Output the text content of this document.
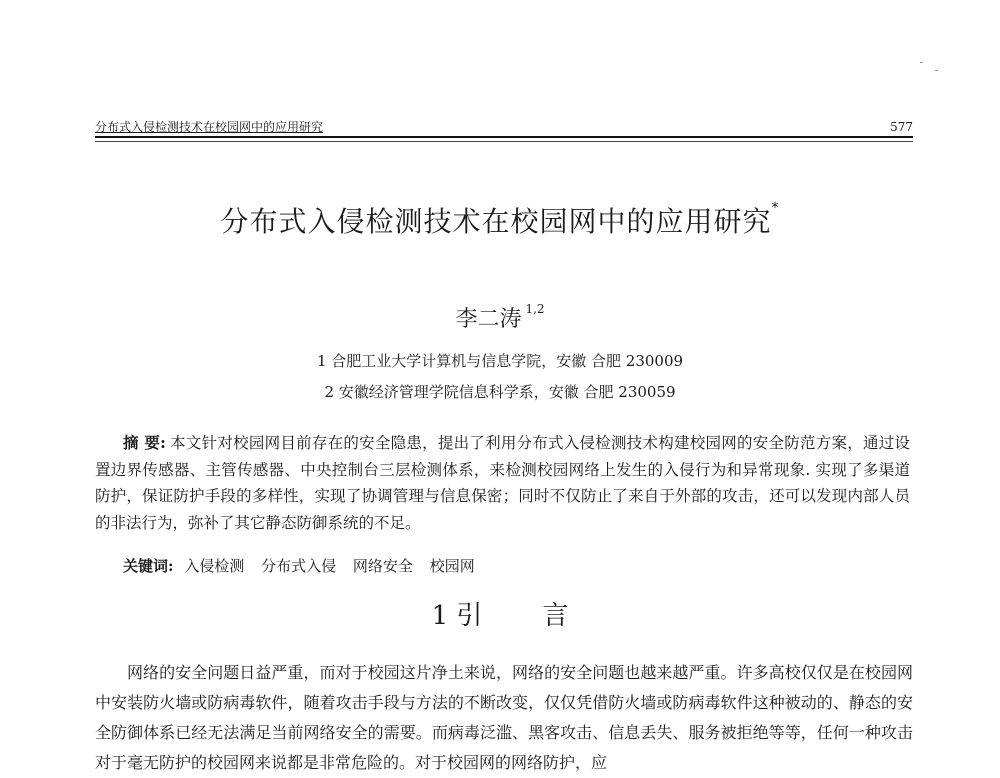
分布式入侵检测技术在校园网中的应用研究	577
分布式入侵检测技术在校园网中的应用研究*
李二涛 $^{1,2}$
1 合肥工业大学计算机与信息学院，安徽 合肥 230009
2 安徽经济管理学院信息科学系，安徽 合肥 230059
摘 要: 本文针对校园网目前存在的安全隐患，提出了利用分布式入侵检测技术构建校园网的安全防范方案，通过设置边界传感器、主管传感器、中央控制台三层检测体系，来检测校园网络上发生的入侵行为和异常现象. 实现了多渠道防护，保证防护手段的多样性，实现了协调管理与信息保密；同时不仅防止了来自于外部的攻击，还可以发现内部人员的非法行为，弥补了其它静态防御系统的不足。
关键词: 入侵检测 分布式入侵 网络安全 校园网
1 引 言

网络的安全问题日益严重，而对于校园这片净土来说，网络的安全问题也越来越严重。许多高校仅仅是在校园网中安装防火墙或防病毒软件，随着攻击手段与方法的不断改变，仅仅凭借防火墙或防病毒软件这种被动的、静态的安全防御体系已经无法满足当前网络安全的需要。而病毒泛滥、黑客攻击、信息丢失、服务被拒绝等等，任何一种攻击对于毫无防护的校园网来说都是非常危险的。对于校园网的网络防护，应
